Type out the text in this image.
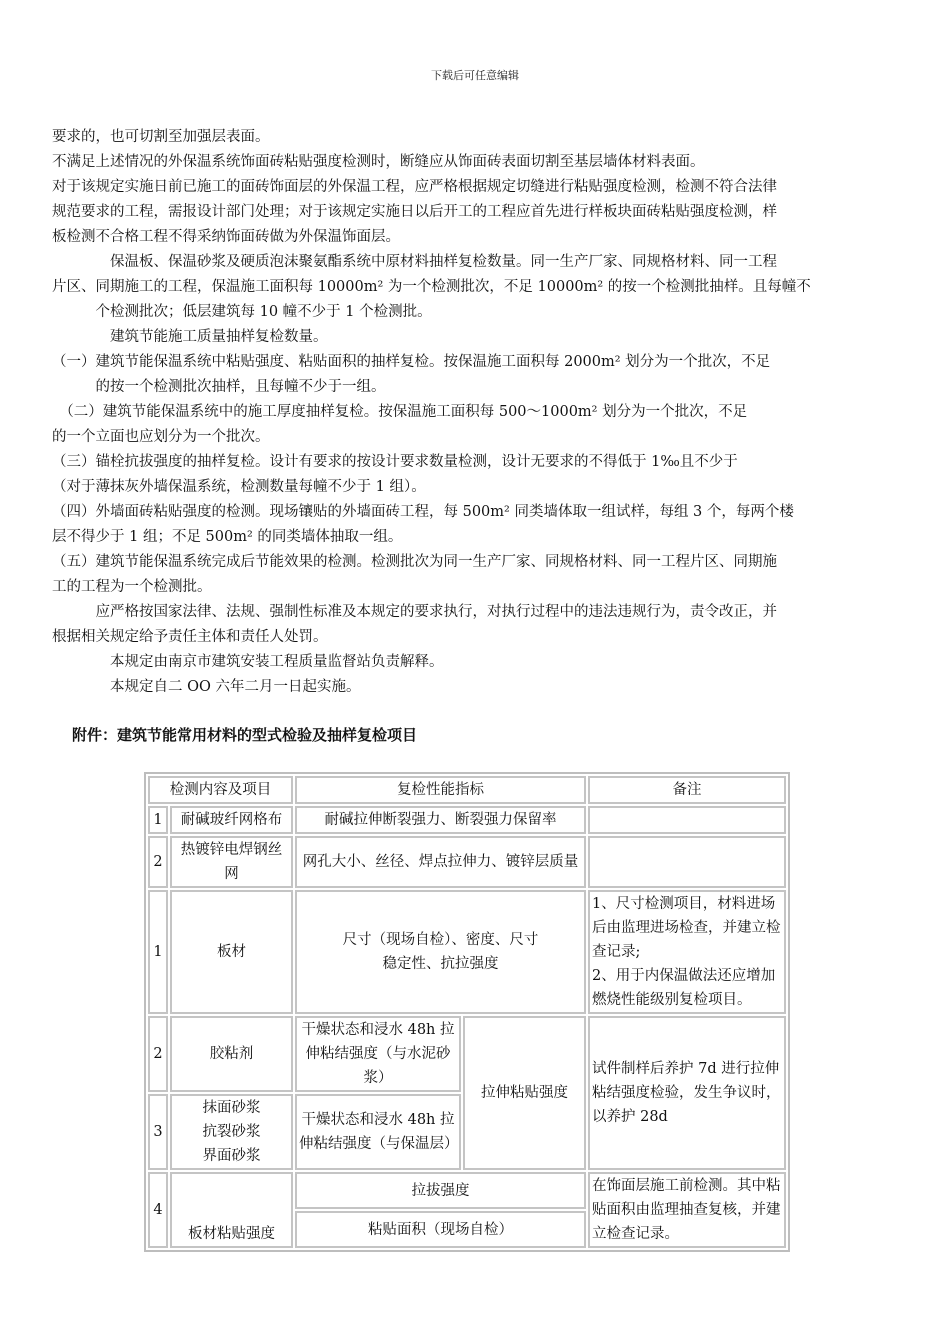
下载后可任意编辑
要求的，也可切割至加强层表面。
不满足上述情况的外保温系统饰面砖粘贴强度检测时，断缝应从饰面砖表面切割至基层墙体材料表面。
对于该规定实施日前已施工的面砖饰面层的外保温工程，应严格根据规定切缝进行粘贴强度检测，检测不符合法律
规范要求的工程，需报设计部门处理；对于该规定实施日以后开工的工程应首先进行样板块面砖粘贴强度检测，样
板检测不合格工程不得采纳饰面砖做为外保温饰面层。
　　　　保温板、保温砂浆及硬质泡沫聚氨酯系统中原材料抽样复检数量。同一生产厂家、同规格材料、同一工程
片区、同期施工的工程，保温施工面积每 10000m² 为一个检测批次，不足 10000m² 的按一个检测批抽样。且每幢不
　　　个检测批次；低层建筑每 10 幢不少于 1 个检测批。
　　　　建筑节能施工质量抽样复检数量。
（一）建筑节能保温系统中粘贴强度、粘贴面积的抽样复检。按保温施工面积每 2000m² 划分为一个批次，不足
　　　的按一个检测批次抽样，且每幢不少于一组。
　（二）建筑节能保温系统中的施工厚度抽样复检。按保温施工面积每 500～1000m² 划分为一个批次，不足
的一个立面也应划分为一个批次。
（三）锚栓抗拔强度的抽样复检。设计有要求的按设计要求数量检测，设计无要求的不得低于 1‰且不少于
（对于薄抹灰外墙保温系统，检测数量每幢不少于 1 组）。
（四）外墙面砖粘贴强度的检测。现场镶贴的外墙面砖工程，每 500m² 同类墙体取一组试样，每组 3 个，每两个楼
层不得少于 1 组；不足 500m² 的同类墙体抽取一组。
（五）建筑节能保温系统完成后节能效果的检测。检测批次为同一生产厂家、同规格材料、同一工程片区、同期施
工的工程为一个检测批。
　　　应严格按国家法律、法规、强制性标准及本规定的要求执行，对执行过程中的违法违规行为，责令改正，并
根据相关规定给予责任主体和责任人处罚。
　　　　本规定由南京市建筑安装工程质量监督站负责解释。
　　　　本规定自二 OO 六年二月一日起实施。
附件：建筑节能常用材料的型式检验及抽样复检项目
检测内容及项目		复检性能指标		备注
1	耐碱玻纤网格布	耐碱拉伸断裂强力、断裂强力保留率		
2	热镀锌电焊钢丝网	网孔大小、丝径、焊点拉伸力、镀锌层质量		
1	板材	尺寸（现场自检）、密度、尺寸稳定性、抗拉强度		1、尺寸检测项目，材料进场后由监理进场检查，并建立检查记录;
2、用于内保温做法还应增加燃烧性能级别复检项目。
2	胶粘剂	干燥状态和浸水 48h 拉伸粘结强度（与水泥砂浆）	拉伸粘贴强度	试件制样后养护 7d 进行拉伸粘结强度检验，发生争议时，以养护 28d
3	抹面砂浆
抗裂砂浆
界面砂浆	干燥状态和浸水 48h 拉伸粘结强度（与保温层）		
4	板材粘贴强度	拉拔强度		在饰面层施工前检测。其中粘贴面积由监理抽查复核，并建立检查记录。
		粘贴面积（现场自检）		
